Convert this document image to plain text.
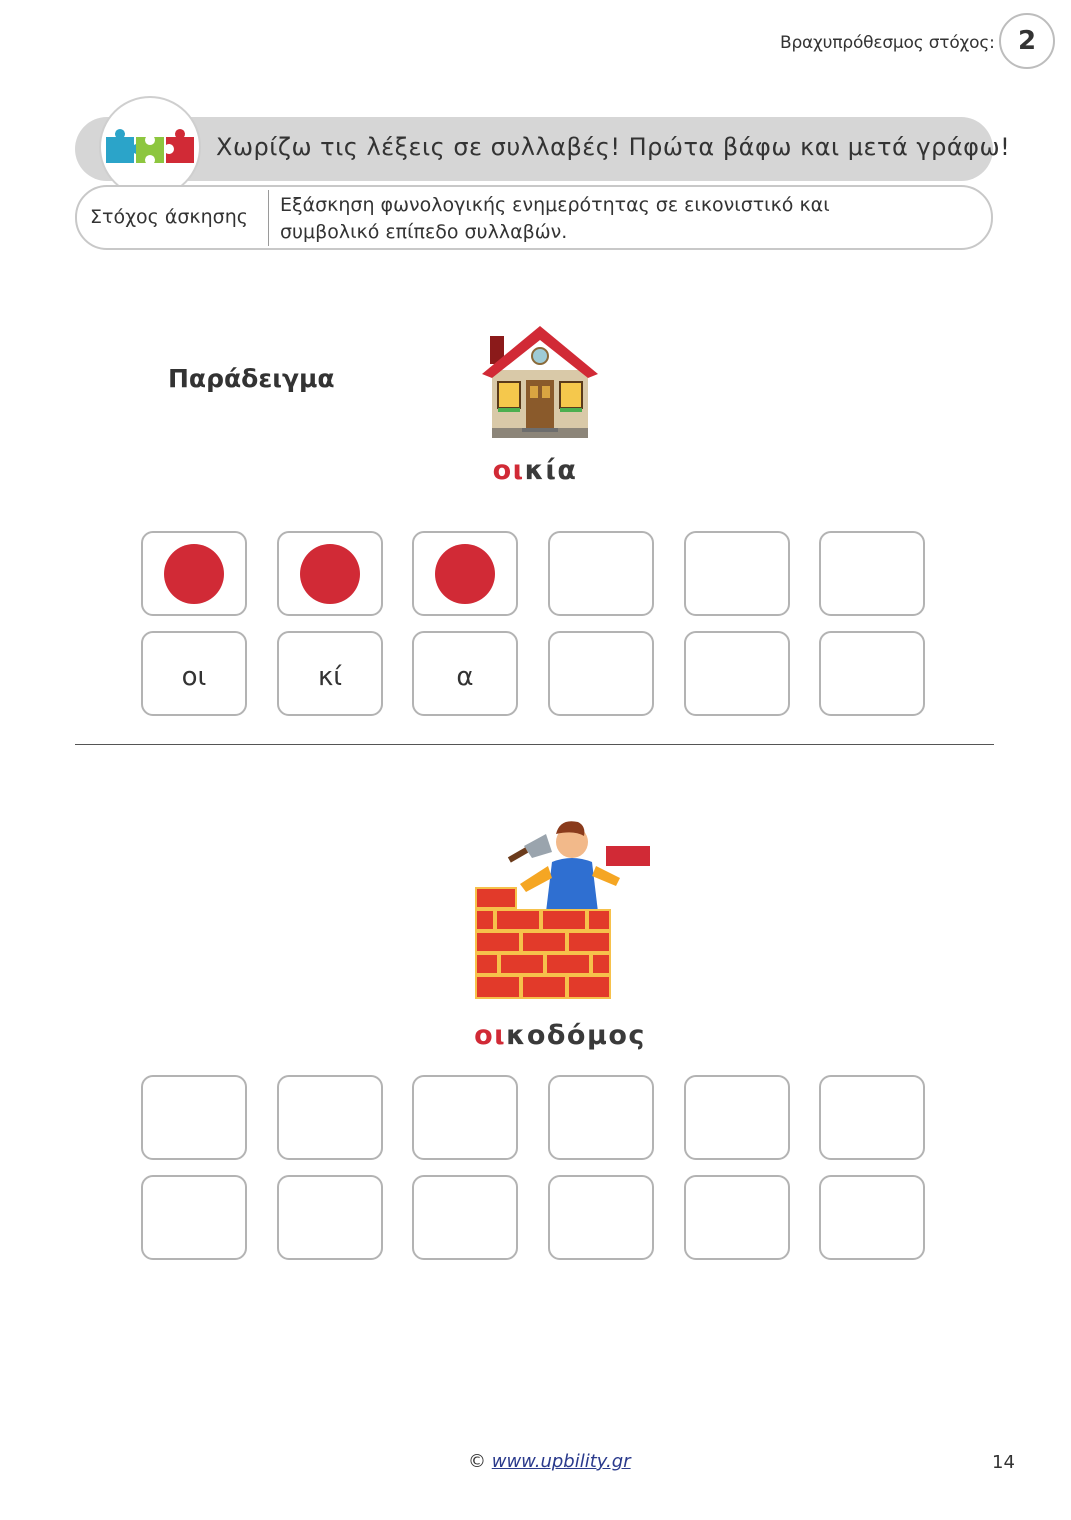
Βραχυπρόθεσμος στόχος: 2
Χωρίζω τις λέξεις σε συλλαβές! Πρώτα βάφω και μετά γράφω!
Στόχος άσκησης
Εξάσκηση φωνολογικής ενημερότητας σε εικονιστικό και
συμβολικό επίπεδο συλλαβών.
Παράδειγμα
οικία
οι	κί	α
οικοδόμος
© www.upbility.gr	14
